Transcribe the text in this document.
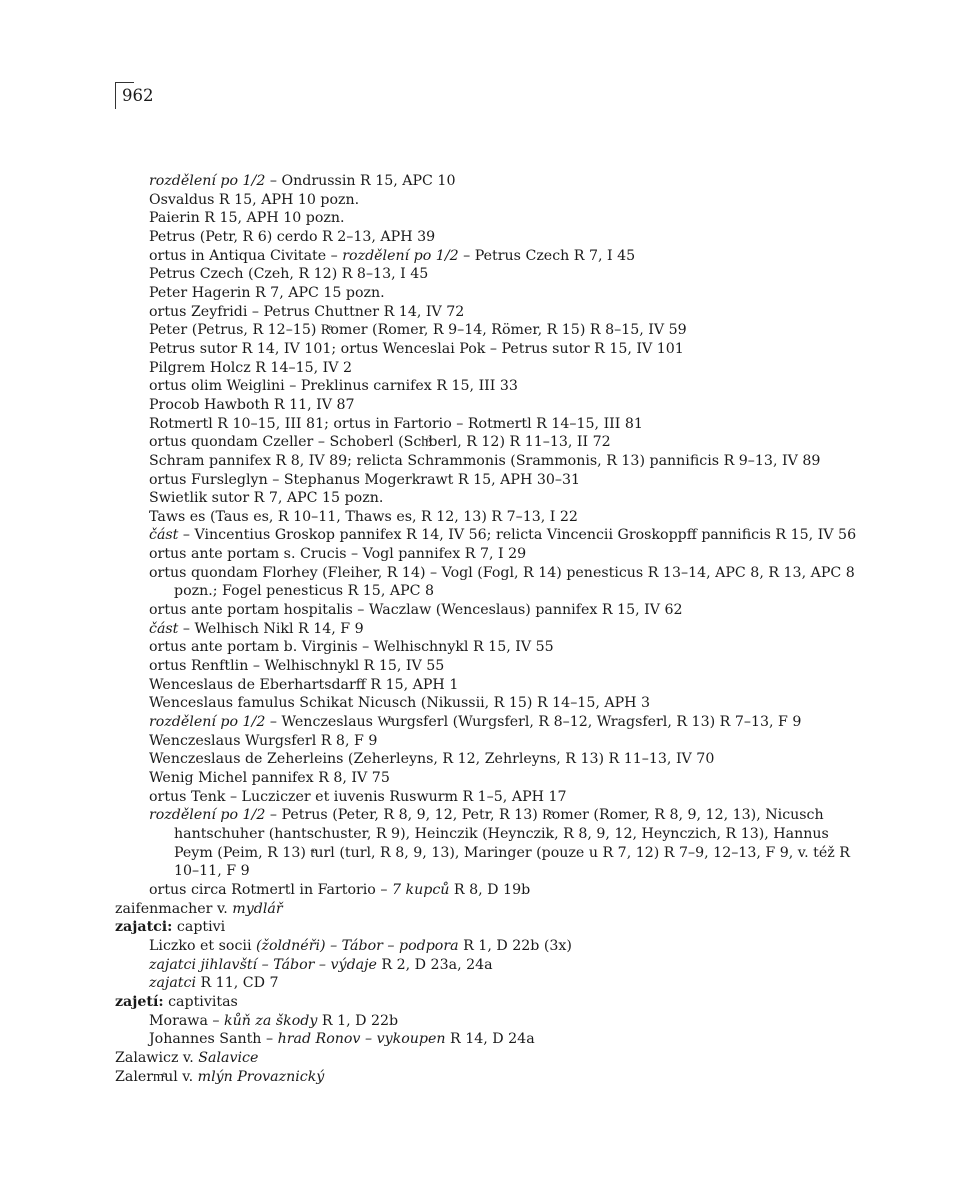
962
rozdělení po 1/2 – Ondrussin R 15, APC 10
Osvaldus R 15, APH 10 pozn.
Paierin R 15, APH 10 pozn.
Petrus (Petr, R 6) cerdo R 2–13, APH 39
ortus in Antiqua Civitate – rozdělení po 1/2 – Petrus Czech R 7, I 45
Petrus Czech (Czeh, R 12) R 8–13, I 45
Peter Hagerin R 7, APC 15 pozn.
ortus Zeyfridi – Petrus Chuttner R 14, IV 72
Peter (Petrus, R 12–15) Rͤomer (Romer, R 9–14, Römer, R 15) R 8–15, IV 59
Petrus sutor R 14, IV 101; ortus Wenceslai Pok – Petrus sutor R 15, IV 101
Pilgrem Holcz R 14–15, IV 2
ortus olim Weiglini – Preklinus carnifex R 15, III 33
Procob Hawboth R 11, IV 87
Rotmertl R 10–15, III 81; ortus in Fartorio – Rotmertl R 14–15, III 81
ortus quondam Czeller – Schoberl (Schͦberl, R 12) R 11–13, II 72
Schram pannifex R 8, IV 89; relicta Schrammonis (Srammonis, R 13) pannificis R 9–13, IV 89
ortus Fursleglyn – Stephanus Mogerkrawt R 15, APH 30–31
Swietlik sutor R 7, APC 15 pozn.
Taws es (Taus es, R 10–11, Thaws es, R 12, 13) R 7–13, I 22
část – Vincentius Groskop pannifex R 14, IV 56; relicta Vincencii Groskoppff pannificis R 15, IV 56
ortus ante portam s. Crucis – Vogl pannifex R 7, I 29
ortus quondam Florhey (Fleiher, R 14) – Vogl (Fogl, R 14) penesticus R 13–14, APC 8, R 13, APC 8 pozn.; Fogel penesticus R 15, APC 8
ortus ante portam hospitalis – Waczlaw (Wenceslaus) pannifex R 15, IV 62
část – Welhisch Nikl R 14, F 9
ortus ante portam b. Virginis – Welhischnykl R 15, IV 55
ortus Renftlin – Welhischnykl R 15, IV 55
Wenceslaus de Eberhartsdarff R 15, APH 1
Wenceslaus famulus Schikat Nicusch (Nikussii, R 15) R 14–15, APH 3
rozdělení po 1/2 – Wenczeslaus Wͤurgsferl (Wurgsferl, R 8–12, Wragsferl, R 13) R 7–13, F 9
Wenczeslaus Wurgsferl R 8, F 9
Wenczeslaus de Zeherleins (Zeherleyns, R 12, Zehrleyns, R 13) R 11–13, IV 70
Wenig Michel pannifex R 8, IV 75
ortus Tenk – Lucziczer et iuvenis Ruswurm R 1–5, APH 17
rozdělení po 1/2 – Petrus (Peter, R 8, 9, 12, Petr, R 13) Rͤomer (Romer, R 8, 9, 12, 13), Nicusch hantschuher (hantschuster, R 9), Heinczik (Heynczik, R 8, 9, 12, Heynczich, R 13), Hannus Peym (Peim, R 13) tͤurl (turl, R 8, 9, 13), Maringer (pouze u R 7, 12) R 7–9, 12–13, F 9, v. též R 10–11, F 9
ortus circa Rotmertl in Fartorio – 7 kupců R 8, D 19b
zaifenmacher v. mydlář
zajatci: captivi
Liczko et socii (žoldnéři) – Tábor – podpora R 1, D 22b (3x)
zajatci jihlavští – Tábor – výdaje R 2, D 23a, 24a
zajatci R 11, CD 7
zajetí: captivitas
Morawa – kůň za škody R 1, D 22b
Johannes Santh – hrad Ronov – vykoupen R 14, D 24a
Zalawicz v. Salavice
Zalermͤul v. mlýn Provaznický
